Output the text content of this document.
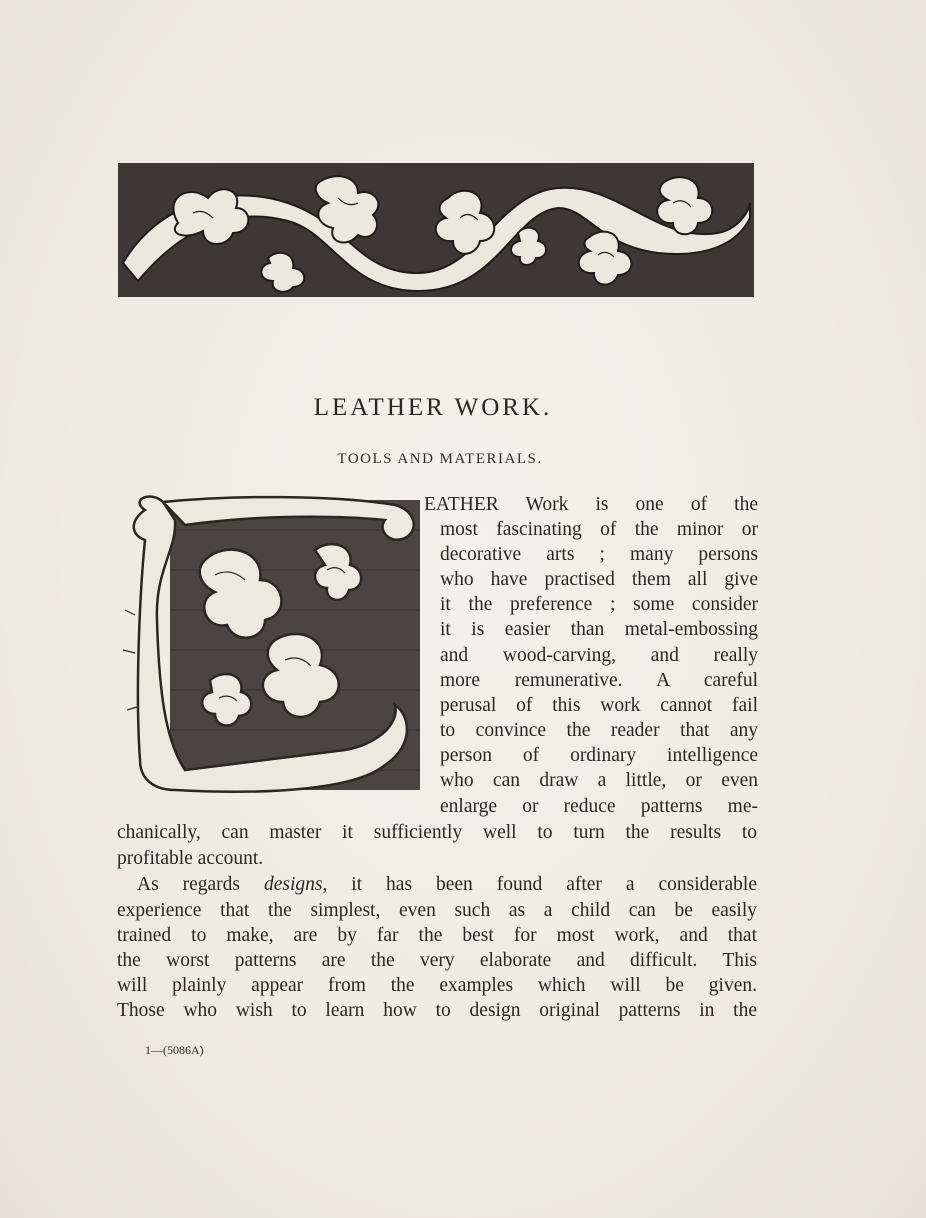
LEATHER WORK.
TOOLS AND MATERIALS.
EATHER Work is one of the
most fascinating of the minor or
decorative arts ; many persons
who have practised them all give
it the preference ; some consider
it is easier than metal-embossing
and wood-carving, and really
more remunerative. A careful
perusal of this work cannot fail
to convince the reader that any
person of ordinary intelligence
who can draw a little, or even
enlarge or reduce patterns me-
chanically, can master it sufficiently well to turn the results to
profitable account.
As regards designs, it has been found after a considerable
experience that the simplest, even such as a child can be easily
trained to make, are by far the best for most work, and that
the worst patterns are the very elaborate and difficult. This
will plainly appear from the examples which will be given.
Those who wish to learn how to design original patterns in the
1—(5086A)
